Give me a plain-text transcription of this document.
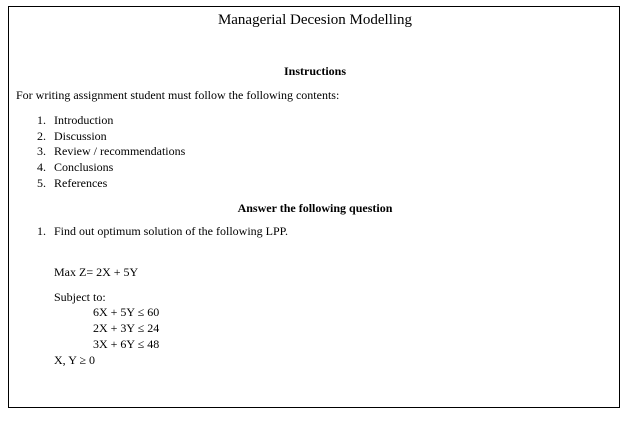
Managerial Decesion Modelling
Instructions
For writing assignment student must follow the following contents:
1. Introduction
2. Discussion
3. Review / recommendations
4. Conclusions
5. References
Answer the following question
1. Find out optimum solution of the following LPP.
Max Z= 2X + 5Y
Subject to:
6X + 5Y ≤ 60
2X + 3Y ≤ 24
3X + 6Y ≤ 48
X, Y ≥ 0
